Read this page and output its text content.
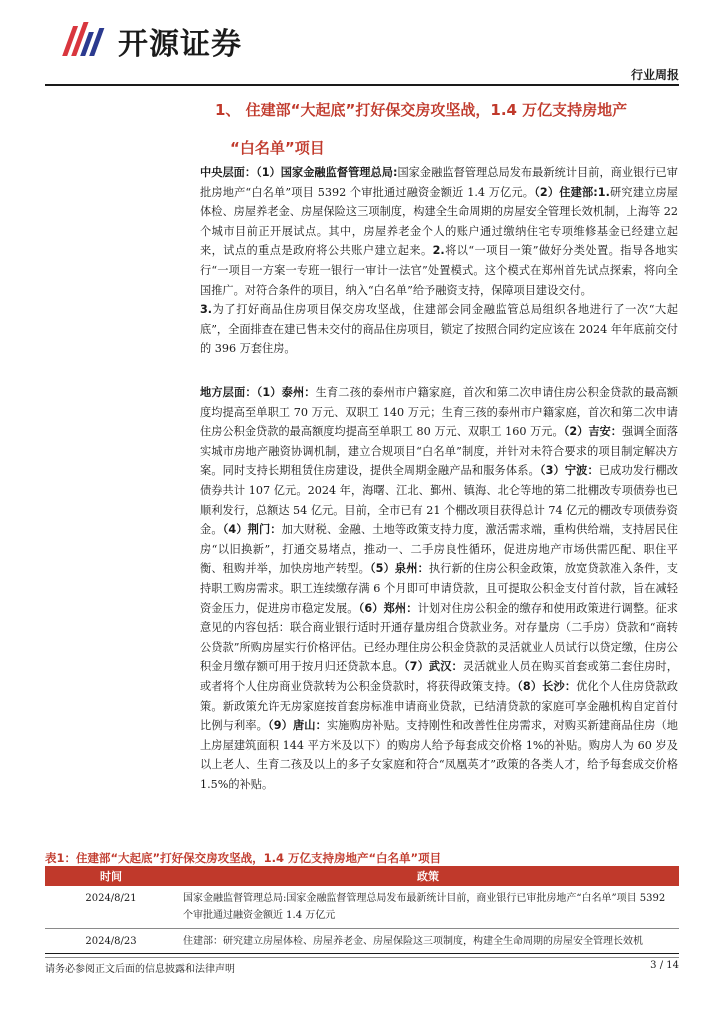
开源证券
行业周报
1、 住建部“大起底”打好保交房攻坚战，1.4 万亿支持房地产
“白名单”项目
中央层面：（1）国家金融监督管理总局:国家金融监督管理总局发布最新统计目前，商业银行已审批房地产“白名单”项目 5392 个审批通过融资金额近 1.4 万亿元。（2）住建部:1.研究建立房屋体检、房屋养老金、房屋保险这三项制度，构建全生命周期的房屋安全管理长效机制，上海等 22 个城市目前正开展试点。其中，房屋养老金个人的账户通过缴纳住宅专项维修基金已经建立起来，试点的重点是政府将公共账户建立起来。2.将以“一项目一策”做好分类处置。指导各地实行“一项目一方案一专班一银行一审计一法官”处置模式。这个模式在郑州首先试点探索，将向全国推广。对符合条件的项目，纳入“白名单”给予融资支持，保障项目建设交付。
3.为了打好商品住房项目保交房攻坚战，住建部会同金融监管总局组织各地进行了一次“大起底”，全面排查在建已售未交付的商品住房项目，锁定了按照合同约定应该在 2024 年年底前交付的 396 万套住房。
地方层面：（1）泰州：生育二孩的泰州市户籍家庭，首次和第二次申请住房公积金贷款的最高额度均提高至单职工 70 万元、双职工 140 万元；生育三孩的泰州市户籍家庭，首次和第二次申请住房公积金贷款的最高额度均提高至单职工 80 万元、双职工 160 万元。（2）吉安：强调全面落实城市房地产融资协调机制，建立合规项目“白名单”制度，并针对未符合要求的项目制定解决方案。同时支持长期租赁住房建设，提供全周期金融产品和服务体系。（3）宁波：已成功发行棚改债券共计 107 亿元。2024 年，海曙、江北、鄞州、镇海、北仑等地的第二批棚改专项债券也已顺利发行，总额达 54 亿元。目前，全市已有 21 个棚改项目获得总计 74 亿元的棚改专项债券资金。（4）荆门：加大财税、金融、土地等政策支持力度，激活需求端，重构供给端，支持居民住房“以旧换新”，打通交易堵点，推动一、二手房良性循环，促进房地产市场供需匹配、职住平衡、租购并举，加快房地产转型。（5）泉州：执行新的住房公积金政策，放宽贷款准入条件，支持职工购房需求。职工连续缴存满 6 个月即可申请贷款，且可提取公积金支付首付款，旨在减轻资金压力，促进房市稳定发展。（6）郑州：计划对住房公积金的缴存和使用政策进行调整。征求意见的内容包括：联合商业银行适时开通存量房组合贷款业务。对存量房（二手房）贷款和“商转公贷款”所购房屋实行价格评估。已经办理住房公积金贷款的灵活就业人员试行以贷定缴，住房公积金月缴存额可用于按月归还贷款本息。（7）武汉：灵活就业人员在购买首套或第二套住房时，或者将个人住房商业贷款转为公积金贷款时，将获得政策支持。（8）长沙：优化个人住房贷款政策。新政策允许无房家庭按首套房标准申请商业贷款，已结清贷款的家庭可享金融机构自定首付比例与利率。（9）唐山：实施购房补贴。支持刚性和改善性住房需求，对购买新建商品住房（地上房屋建筑面积 144 平方米及以下）的购房人给予每套成交价格 1%的补贴。购房人为 60 岁及以上老人、生育二孩及以上的多子女家庭和符合“凤凰英才”政策的各类人才，给予每套成交价格 1.5%的补贴。
表1：住建部“大起底”打好保交房攻坚战，1.4 万亿支持房地产“白名单”项目
时间	政策
2024/8/21	国家金融监督管理总局:国家金融监督管理总局发布最新统计目前，商业银行已审批房地产“白名单”项目 5392 个审批通过融资金额近 1.4 万亿元
2024/8/23	住建部：研究建立房屋体检、房屋养老金、房屋保险这三项制度，构建全生命周期的房屋安全管理长效机
请务必参阅正文后面的信息披露和法律声明	3 / 14
